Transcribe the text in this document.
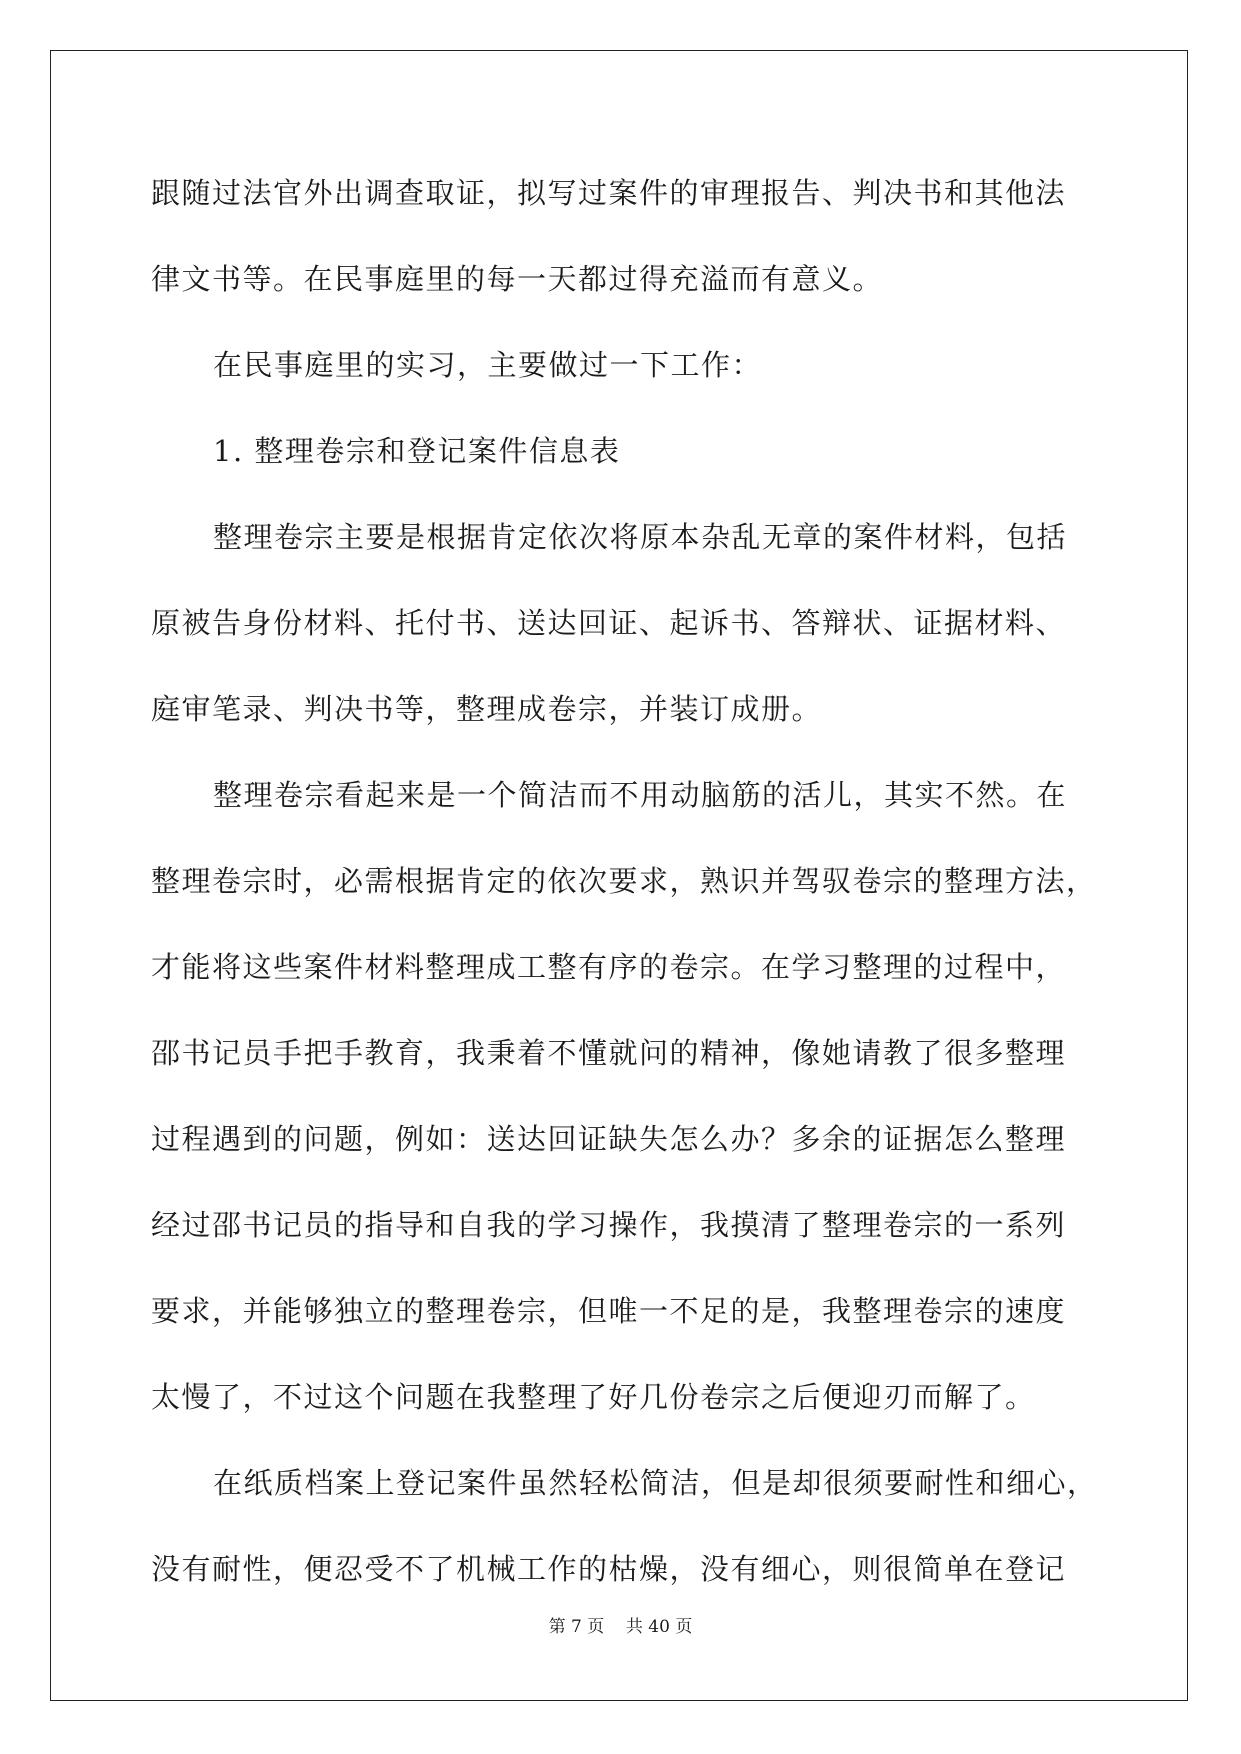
跟随过法官外出调查取证，拟写过案件的审理报告、判决书和其他法
律文书等。在民事庭里的每一天都过得充溢而有意义。
在民事庭里的实习，主要做过一下工作：
1. 整理卷宗和登记案件信息表
整理卷宗主要是根据肯定依次将原本杂乱无章的案件材料，包括
原被告身份材料、托付书、送达回证、起诉书、答辩状、证据材料、
庭审笔录、判决书等，整理成卷宗，并装订成册。
整理卷宗看起来是一个简洁而不用动脑筋的活儿，其实不然。在
整理卷宗时，必需根据肯定的依次要求，熟识并驾驭卷宗的整理方法，
才能将这些案件材料整理成工整有序的卷宗。在学习整理的过程中，
邵书记员手把手教育，我秉着不懂就问的精神，像她请教了很多整理
过程遇到的问题，例如：送达回证缺失怎么办？多余的证据怎么整理
经过邵书记员的指导和自我的学习操作，我摸清了整理卷宗的一系列
要求，并能够独立的整理卷宗，但唯一不足的是，我整理卷宗的速度
太慢了，不过这个问题在我整理了好几份卷宗之后便迎刃而解了。
在纸质档案上登记案件虽然轻松简洁，但是却很须要耐性和细心，
没有耐性，便忍受不了机械工作的枯燥，没有细心，则很简单在登记
第 7 页    共 40 页
